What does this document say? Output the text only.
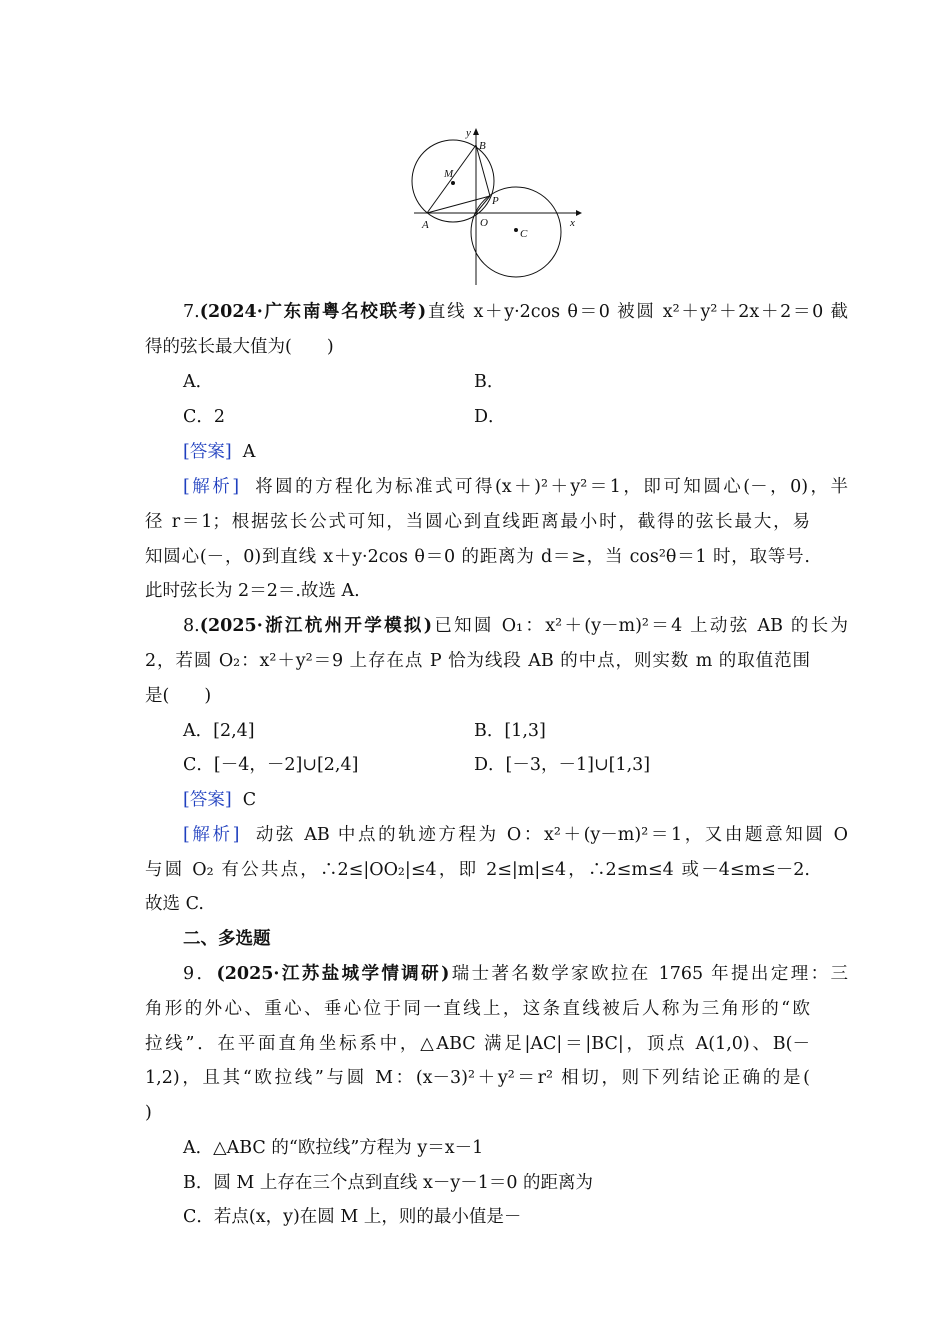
y
x
B
M
P
A	O
C
7.(2024·广东南粤名校联考)直线 x＋y·2cos θ＝0 被圆 x²＋y²＋2x＋2＝0 截
得的弦长最大值为(　　)
A．	B．
C．2	D．
[答案] A
[解析] 将圆的方程化为标准式可得(x＋)²＋y²＝1，即可知圆心(－，0)，半
径 r＝1；根据弦长公式可知，当圆心到直线距离最小时，截得的弦长最大，易
知圆心(－，0)到直线 x＋y·2cos θ＝0 的距离为 d＝≥，当 cos²θ＝1 时，取等号.
此时弦长为 2＝2＝.故选 A.
8.(2025·浙江杭州开学模拟)已知圆 O₁：x²＋(y－m)²＝4 上动弦 AB 的长为
2，若圆 O₂：x²＋y²＝9 上存在点 P 恰为线段 AB 的中点，则实数 m 的取值范围
是(　　)
A．[2,4]	B．[1,3]
C．[－4，－2]∪[2,4]	D．[－3，－1]∪[1,3]
[答案] C
[解析] 动弦 AB 中点的轨迹方程为 O：x²＋(y－m)²＝1，又由题意知圆 O
与圆 O₂ 有公共点，∴2≤|OO₂|≤4，即 2≤|m|≤4，∴2≤m≤4 或－4≤m≤－2.
故选 C.
二、多选题
9．(2025·江苏盐城学情调研)瑞士著名数学家欧拉在 1765 年提出定理：三
角形的外心、重心、垂心位于同一直线上，这条直线被后人称为三角形的“欧
拉线”．在平面直角坐标系中，△ABC 满足|AC|＝|BC|，顶点 A(1,0)、B(－
1,2)，且其“欧拉线”与圆 M：(x－3)²＋y²＝r² 相切，则下列结论正确的是(
)
A．△ABC 的“欧拉线”方程为 y＝x－1
B．圆 M 上存在三个点到直线 x－y－1＝0 的距离为
C．若点(x，y)在圆 M 上，则的最小值是－
